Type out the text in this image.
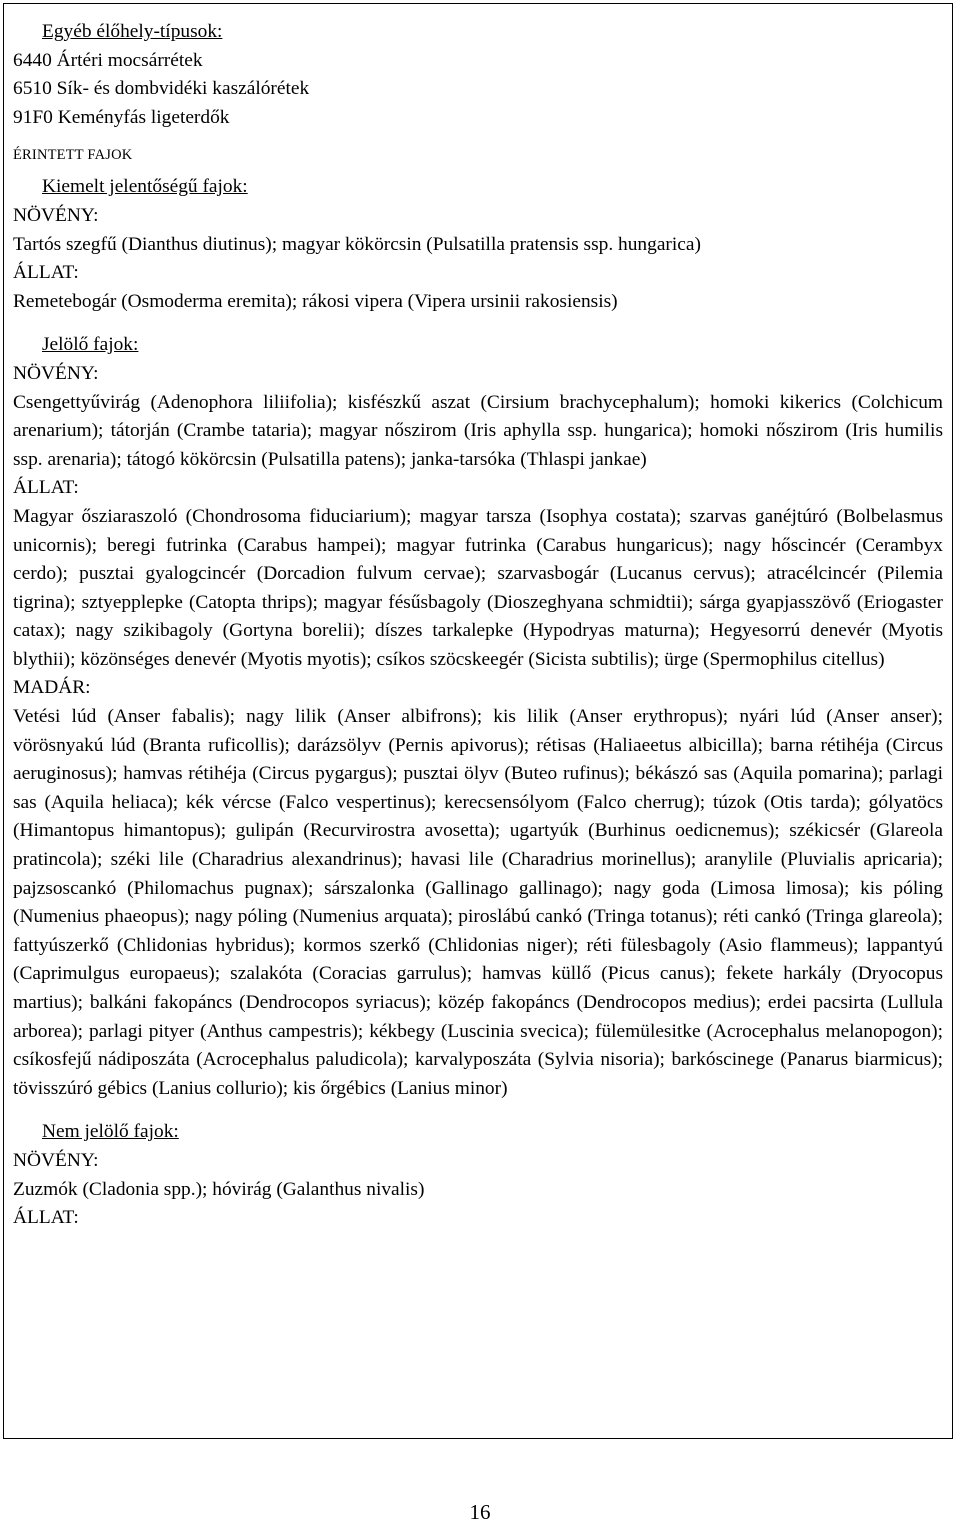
Egyéb élőhely-típusok:
6440 Ártéri mocsárrétek
6510 Sík- és dombvidéki kaszálórétek
91F0 Keményfás ligeterdők
ÉRINTETT FAJOK
Kiemelt jelentőségű fajok:
NÖVÉNY:
Tartós szegfű (Dianthus diutinus); magyar kökörcsin (Pulsatilla pratensis ssp. hungarica)
ÁLLAT:
Remetebogár (Osmoderma eremita); rákosi vipera (Vipera ursinii rakosiensis)
Jelölő fajok:
NÖVÉNY:
Csengettyűvirág (Adenophora liliifolia); kisfészkű aszat (Cirsium brachycephalum); homoki kikerics (Colchicum arenarium); tátorján (Crambe tataria); magyar nőszirom (Iris aphylla ssp. hungarica); homoki nőszirom (Iris humilis ssp. arenaria); tátogó kökörcsin (Pulsatilla patens); janka-tarsóka (Thlaspi jankae)
ÁLLAT:
Magyar ősziaraszoló (Chondrosoma fiduciarium); magyar tarsza (Isophya costata); szarvas ganéjtúró (Bolbelasmus unicornis); beregi futrinka (Carabus hampei); magyar futrinka (Carabus hungaricus); nagy hőscincér (Cerambyx cerdo); pusztai gyalogcincér (Dorcadion fulvum cervae); szarvasbogár (Lucanus cervus); atracélcincér (Pilemia tigrina); sztyepplepke (Catopta thrips); magyar fésűsbagoly (Dioszeghyana schmidtii); sárga gyapjasszövő (Eriogaster catax); nagy szikibagoly (Gortyna borelii); díszes tarkalepke (Hypodryas maturna); Hegyesorrú denevér (Myotis blythii); közönséges denevér (Myotis myotis); csíkos szöcskeegér (Sicista subtilis); ürge (Spermophilus citellus)
MADÁR:
Vetési lúd (Anser fabalis); nagy lilik (Anser albifrons); kis lilik (Anser erythropus); nyári lúd (Anser anser); vörösnyakú lúd (Branta ruficollis); darázsölyv (Pernis apivorus); rétisas (Haliaeetus albicilla); barna rétihéja (Circus aeruginosus); hamvas rétihéja (Circus pygargus); pusztai ölyv (Buteo rufinus); békászó sas (Aquila pomarina); parlagi sas (Aquila heliaca); kék vércse (Falco vespertinus); kerecsensólyom (Falco cherrug); túzok (Otis tarda); gólyatöcs (Himantopus himantopus); gulipán (Recurvirostra avosetta); ugartyúk (Burhinus oedicnemus); székicsér (Glareola pratincola); széki lile (Charadrius alexandrinus); havasi lile (Charadrius morinellus); aranylile (Pluvialis apricaria); pajzsoscankó (Philomachus pugnax); sárszalonka (Gallinago gallinago); nagy goda (Limosa limosa); kis póling (Numenius phaeopus); nagy póling (Numenius arquata); piroslábú cankó (Tringa totanus); réti cankó (Tringa glareola); fattyúszerkő (Chlidonias hybridus); kormos szerkő (Chlidonias niger); réti fülesbagoly (Asio flammeus); lappantyú (Caprimulgus europaeus); szalakóta (Coracias garrulus); hamvas küllő (Picus canus); fekete harkály (Dryocopus martius); balkáni fakopáncs (Dendrocopos syriacus); közép fakopáncs (Dendrocopos medius); erdei pacsirta (Lullula arborea); parlagi pityer (Anthus campestris); kékbegy (Luscinia svecica); fülemülesitke (Acrocephalus melanopogon); csíkosfejű nádiposzáta (Acrocephalus paludicola); karvalyposzáta (Sylvia nisoria); barkóscinege (Panarus biarmicus); tövisszúró gébics (Lanius collurio); kis őrgébics (Lanius minor)
Nem jelölő fajok:
NÖVÉNY:
Zuzmók (Cladonia spp.); hóvirág (Galanthus nivalis)
ÁLLAT:
16
